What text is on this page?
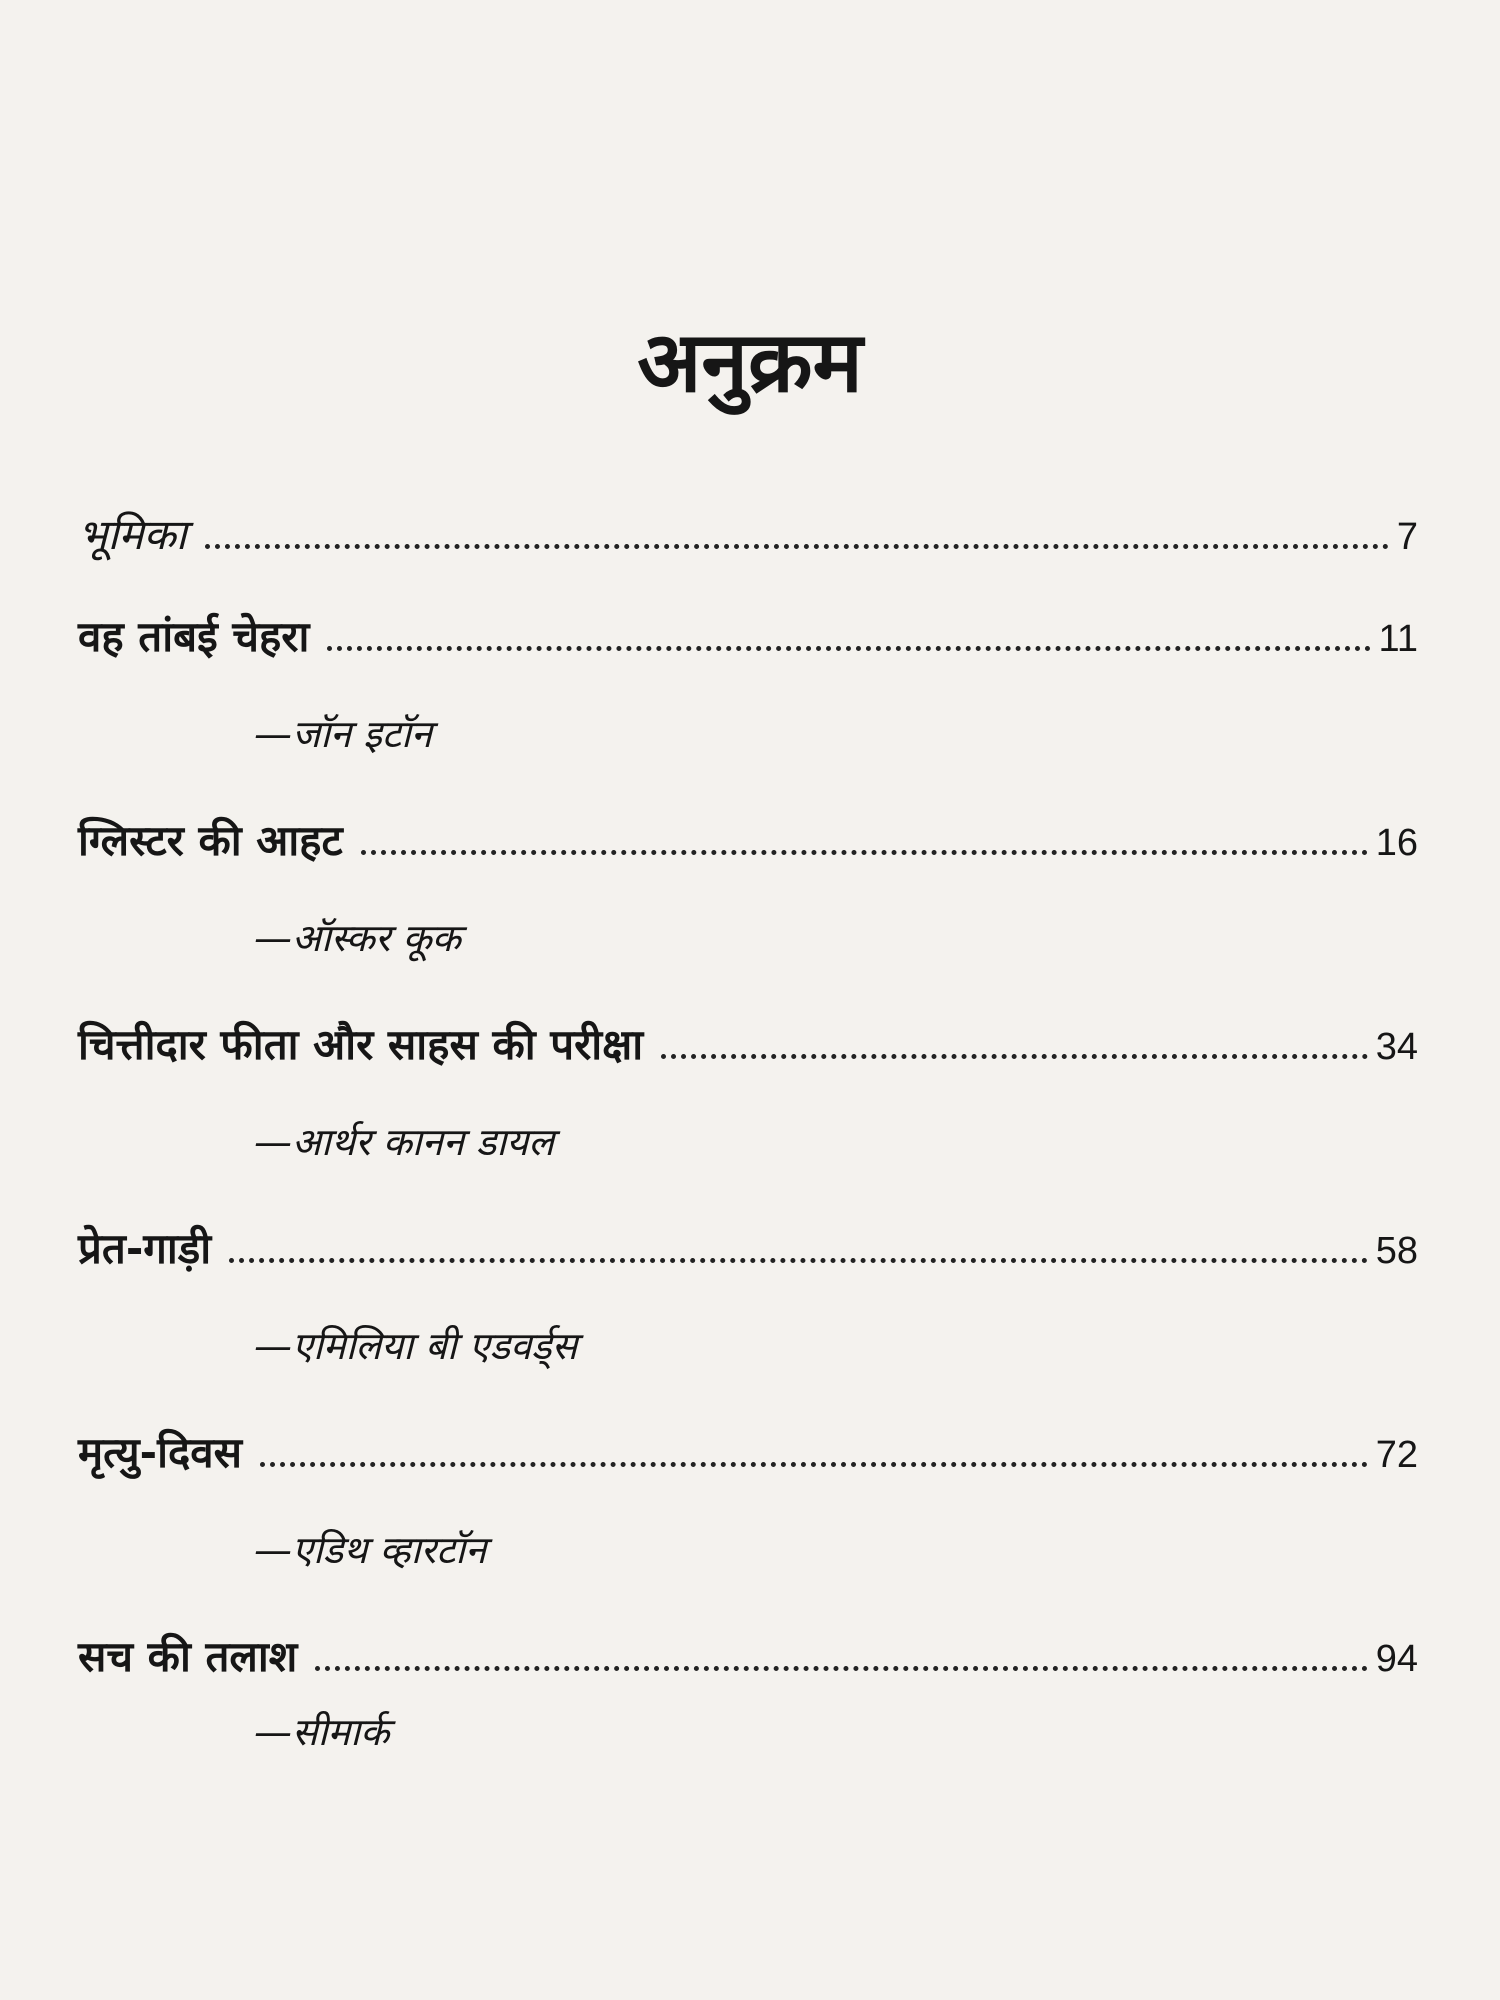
अनुक्रम
भूमिका	7
वह तांबई चेहरा	11
—जॉन इटॉन
ग्लिस्टर की आहट	16
—ऑस्कर कूक
चित्तीदार फीता और साहस की परीक्षा	34
—आर्थर कानन डायल
प्रेत-गाड़ी	58
—एमिलिया बी एडवर्ड्स
मृत्यु-दिवस	72
—एडिथ व्हारटॉन
सच की तलाश	94
—सीमार्क
